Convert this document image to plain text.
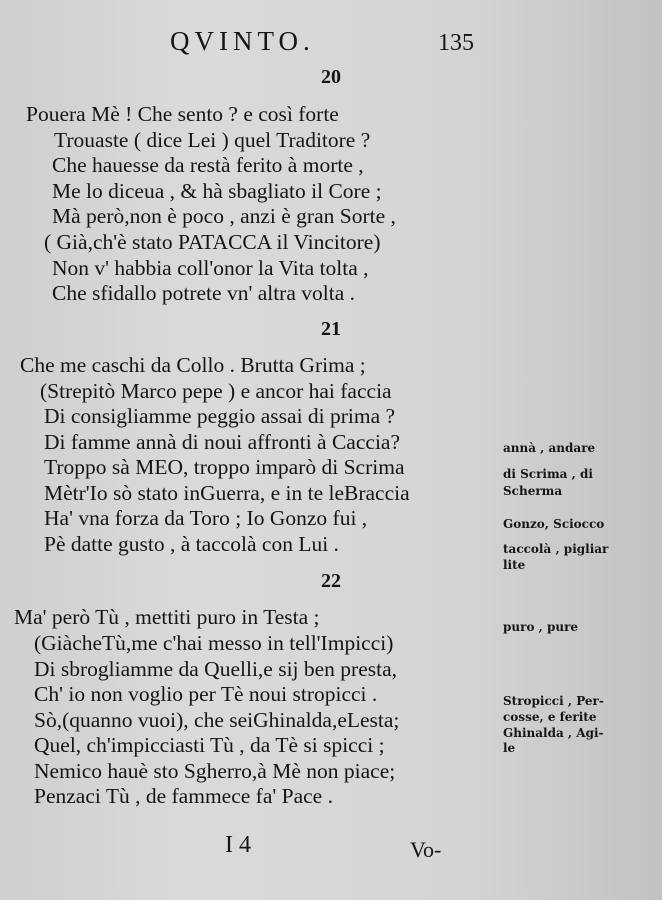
QVINTO.	135
20
Pouera Mè ! Che sento ? e così forte
Trouaste ( dice Lei ) quel Traditore ?
Che hauesse da restà ferito à morte ,
Me lo diceua , & hà sbagliato il Core ;
Mà però,non è poco , anzi è gran Sorte ,
( Già,ch'è stato PATACCA il Vincitore)
Non v' habbia coll'onor la Vita tolta ,
Che sfidallo potrete vn' altra volta .
21
Che me caschi da Collo . Brutta Grima ;
(Strepitò Marco pepe ) e ancor hai faccia
Di consigliamme peggio assai di prima ?
Di famme annà di noui affronti à Caccia?
Troppo sà MEO, troppo imparò di Scrima
Mètr'Io sò stato inGuerra, e in te leBraccia
Ha' vna forza da Toro ; Io Gonzo fui ,
Pè datte gusto , à taccolà con Lui .
22
Ma' però Tù , mettiti puro in Testa ;
(GiàcheTù,me c'hai messo in tell'Impicci)
Di sbrogliamme da Quelli,e sij ben presta,
Ch' io non voglio per Tè noui stropicci .
Sò,(quanno vuoi), che seiGhinalda,eLesta;
Quel, ch'impicciasti Tù , da Tè si spicci ;
Nemico hauè sto Sgherro,à Mè non piace;
Penzaci Tù , de fammece fa' Pace .
annà , andare
di Scrima , di
Scherma
Gonzo, Sciocco
taccolà , pigliar
lite
puro , pure
Stropicci , Per-
cosse, e ferite
Ghinalda , Agi-
le
I 4	Vo-
